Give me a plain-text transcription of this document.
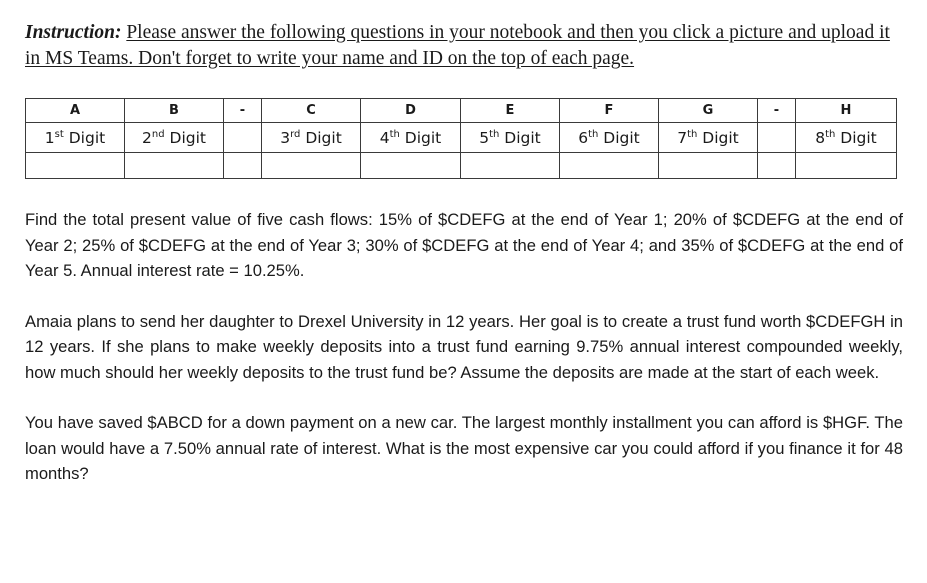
Instruction: Please answer the following questions in your notebook and then you click a picture and upload it in MS Teams. Don't forget to write your name and ID on the top of each page.
A	B	-	C	D	E	F	G	-	H
1st Digit	2nd Digit		3rd Digit	4th Digit	5th Digit	6th Digit	7th Digit		8th Digit

Find the total present value of five cash flows: 15% of $CDEFG at the end of Year 1; 20% of $CDEFG at the end of Year 2; 25% of $CDEFG at the end of Year 3; 30% of $CDEFG at the end of Year 4; and 35% of $CDEFG at the end of Year 5. Annual interest rate = 10.25%.

Amaia plans to send her daughter to Drexel University in 12 years. Her goal is to create a trust fund worth $CDEFGH in 12 years. If she plans to make weekly deposits into a trust fund earning 9.75% annual interest compounded weekly, how much should her weekly deposits to the trust fund be? Assume the deposits are made at the start of each week.

You have saved $ABCD for a down payment on a new car. The largest monthly installment you can afford is $HGF. The loan would have a 7.50% annual rate of interest. What is the most expensive car you could afford if you finance it for 48 months?
